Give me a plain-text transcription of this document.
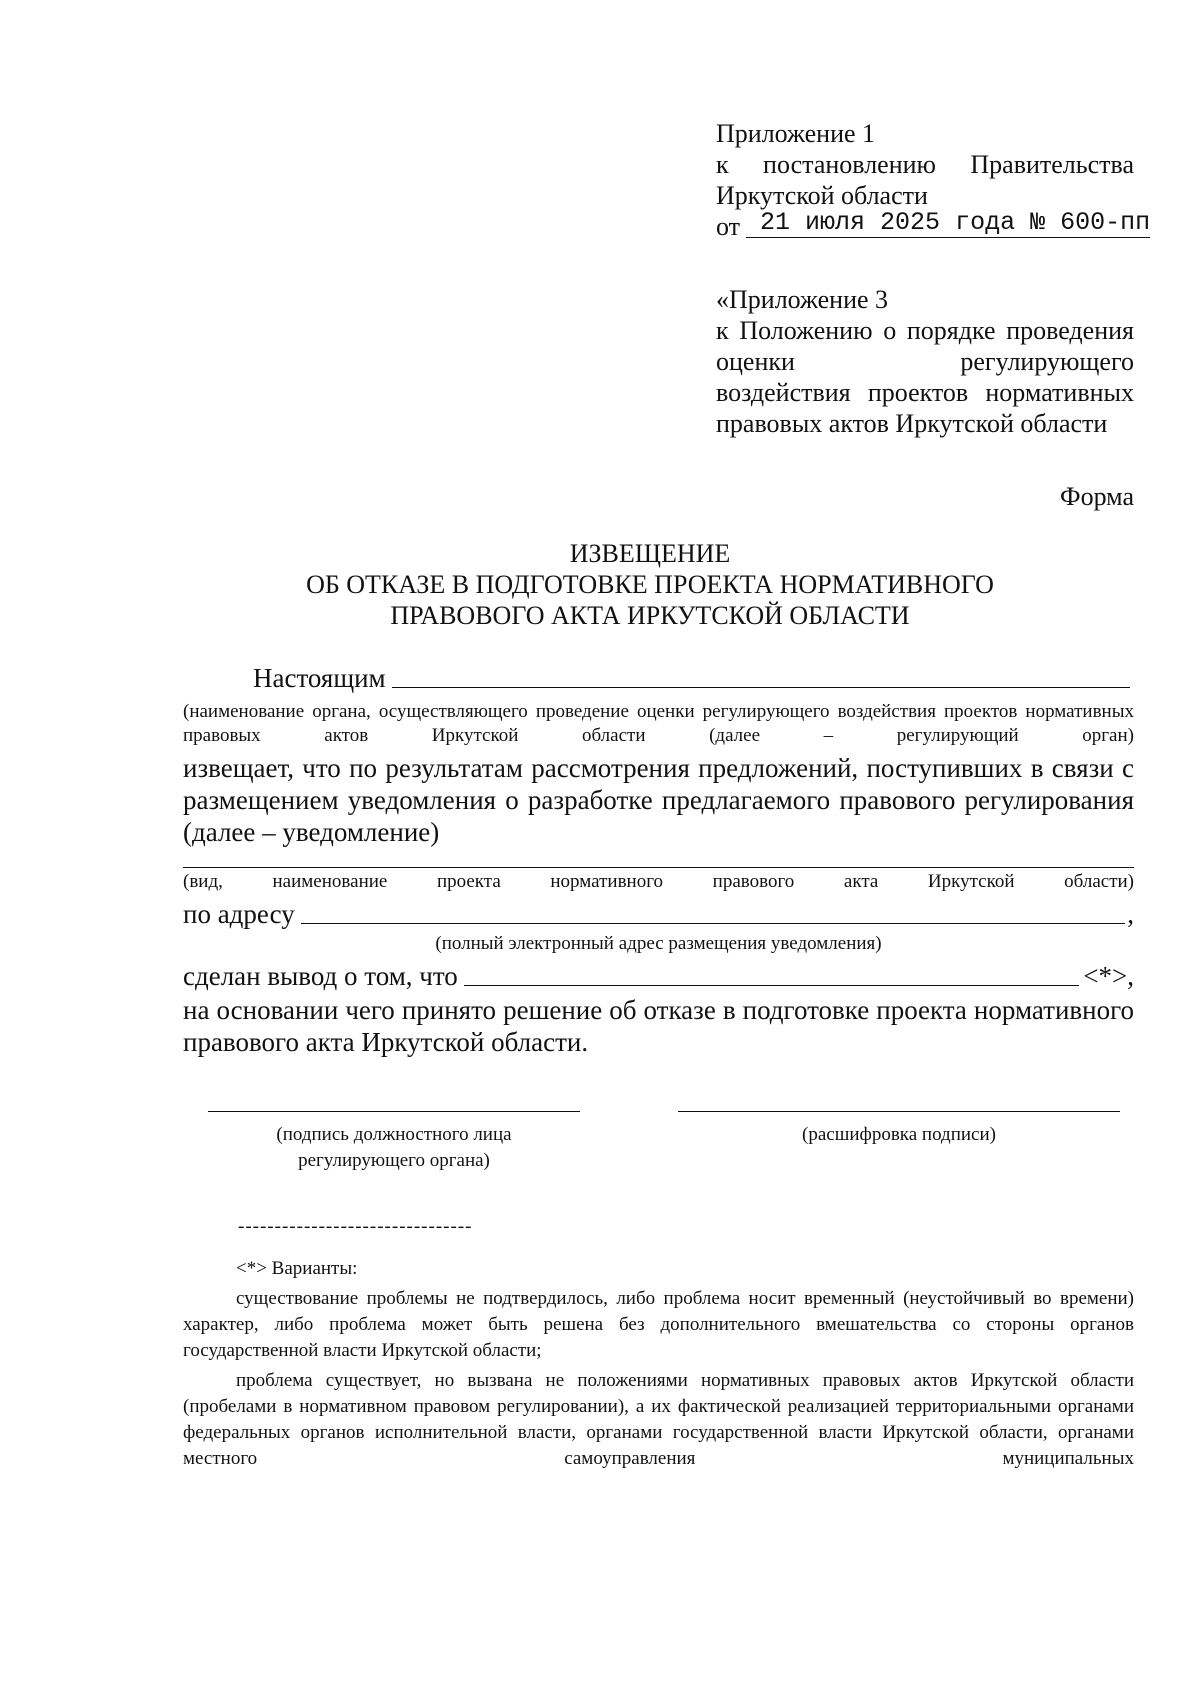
Приложение 1
к постановлению Правительства
Иркутской области
от 21 июля 2025 года № 600-пп
«Приложение 3
к Положению о порядке проведения
оценки регулирующего
воздействия проектов нормативных
правовых актов Иркутской области
Форма
ИЗВЕЩЕНИЕ
ОБ ОТКАЗЕ В ПОДГОТОВКЕ ПРОЕКТА НОРМАТИВНОГО
ПРАВОВОГО АКТА ИРКУТСКОЙ ОБЛАСТИ
Настоящим
(наименование органа, осуществляющего проведение оценки регулирующего воздействия проектов нормативных правовых актов Иркутской области (далее – регулирующий орган)
извещает, что по результатам рассмотрения предложений, поступивших в связи с размещением уведомления о разработке предлагаемого правового регулирования (далее – уведомление)
(вид, наименование проекта нормативного правового акта Иркутской области)
по адресу	,
(полный электронный адрес размещения уведомления)
сделан вывод о том, что	<*>,
на основании чего принято решение об отказе в подготовке проекта нормативного правового акта Иркутской области.
(подпись должностного лица регулирующего органа)
(расшифровка подписи)
--------------------------------

<*> Варианты:

существование проблемы не подтвердилось, либо проблема носит временный (неустойчивый во времени) характер, либо проблема может быть решена без дополнительного вмешательства со стороны органов государственной власти Иркутской области;

проблема существует, но вызвана не положениями нормативных правовых актов Иркутской области (пробелами в нормативном правовом регулировании), а их фактической реализацией территориальными органами федеральных органов исполнительной власти, органами государственной власти Иркутской области, органами местного самоуправления муниципальных
